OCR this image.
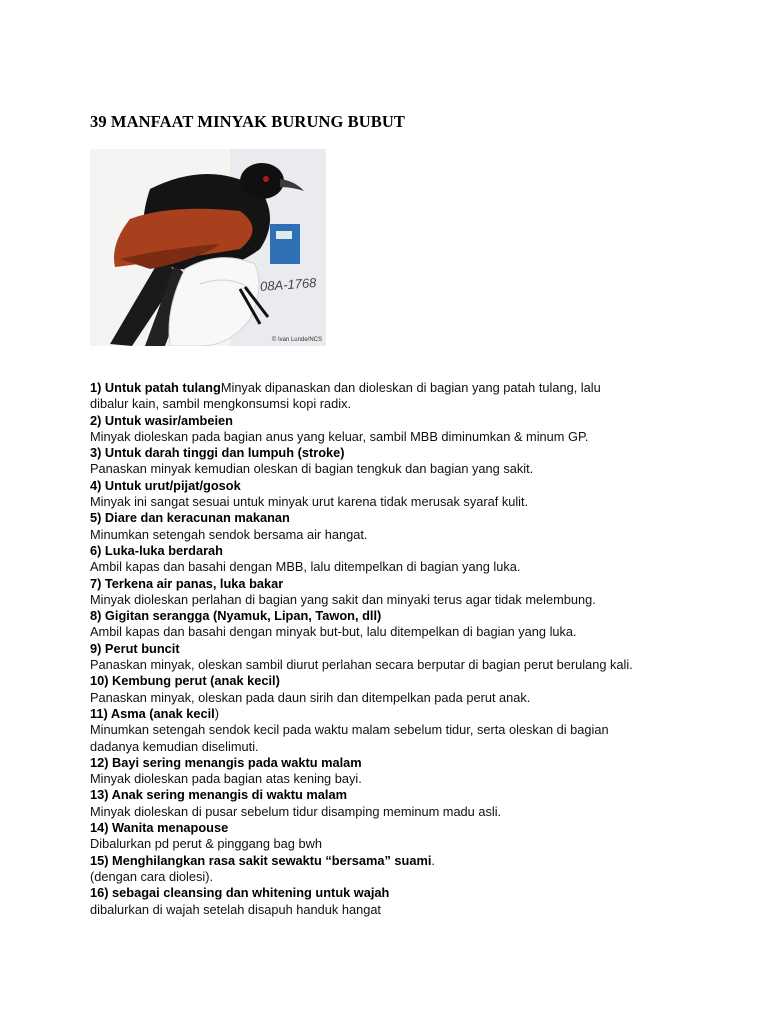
39 MANFAAT MINYAK BURUNG BUBUT
08A-1768
© Ivan Lunde/NCS
1) Untuk patah tulangMinyak dipanaskan dan dioleskan di bagian yang patah tulang, lalu
dibalur kain, sambil mengkonsumsi kopi radix.
2) Untuk wasir/ambeien
Minyak dioleskan pada bagian anus yang keluar, sambil MBB diminumkan & minum GP.
3) Untuk darah tinggi dan lumpuh (stroke)
Panaskan minyak kemudian oleskan di bagian tengkuk dan bagian yang sakit.
4) Untuk urut/pijat/gosok
Minyak ini sangat sesuai untuk minyak urut karena tidak merusak syaraf kulit.
5) Diare dan keracunan makanan
Minumkan setengah sendok bersama air hangat.
6) Luka-luka berdarah
Ambil kapas dan basahi dengan MBB, lalu ditempelkan di bagian yang luka.
7) Terkena air panas, luka bakar
Minyak dioleskan perlahan di bagian yang sakit dan minyaki terus agar tidak melembung.
8) Gigitan serangga (Nyamuk, Lipan, Tawon, dll)
Ambil kapas dan basahi dengan minyak but-but, lalu ditempelkan di bagian yang luka.
9) Perut buncit
Panaskan minyak, oleskan sambil diurut perlahan secara berputar di bagian perut berulang kali.
10) Kembung perut (anak kecil)
Panaskan minyak, oleskan pada daun sirih dan ditempelkan pada perut anak.
11) Asma (anak kecil)
Minumkan setengah sendok kecil pada waktu malam sebelum tidur, serta oleskan di bagian
dadanya kemudian diselimuti.
12) Bayi sering menangis pada waktu malam
Minyak dioleskan pada bagian atas kening bayi.
13) Anak sering menangis di waktu malam
Minyak dioleskan di pusar sebelum tidur disamping meminum madu asli.
14) Wanita menapouse
Dibalurkan pd perut & pinggang bag bwh
15) Menghilangkan rasa sakit sewaktu “bersama” suami.
(dengan cara diolesi).
16) sebagai cleansing dan whitening untuk wajah
dibalurkan di wajah setelah disapuh handuk hangat
